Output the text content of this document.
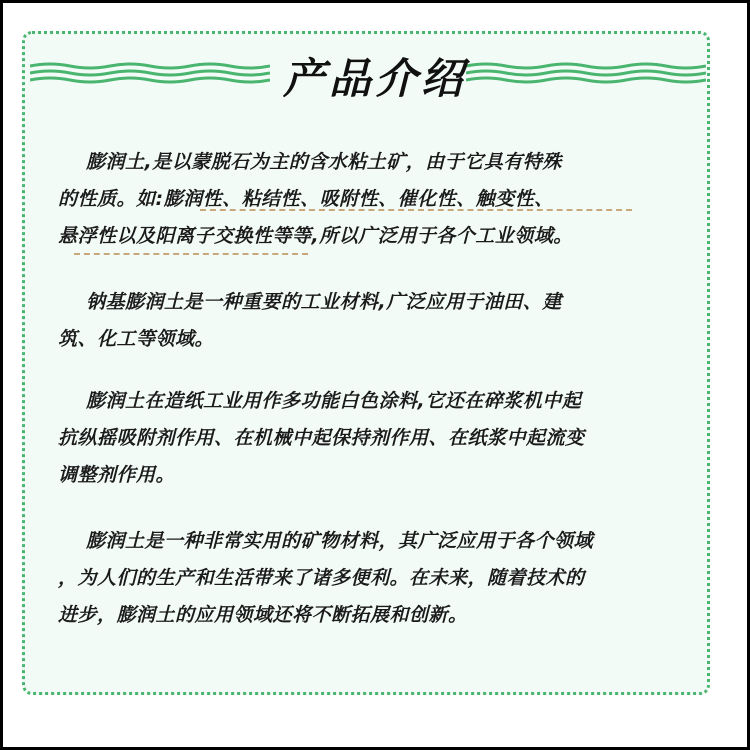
产品介绍
膨润土,是以蒙脱石为主的含水粘土矿，由于它具有特殊
的性质。如:膨润性、粘结性、吸附性、催化性、触变性、
悬浮性以及阳离子交换性等等,所以广泛用于各个工业领域。
钠基膨润土是一种重要的工业材料,广泛应用于油田、建
筑、化工等领域。
膨润土在造纸工业用作多功能白色涂料,它还在碎浆机中起
抗纵摇吸附剂作用、在机械中起保持剂作用、在纸浆中起流变
调整剂作用。
膨润土是一种非常实用的矿物材料，其广泛应用于各个领域
，为人们的生产和生活带来了诸多便利。在未来，随着技术的
进步，膨润土的应用领域还将不断拓展和创新。
